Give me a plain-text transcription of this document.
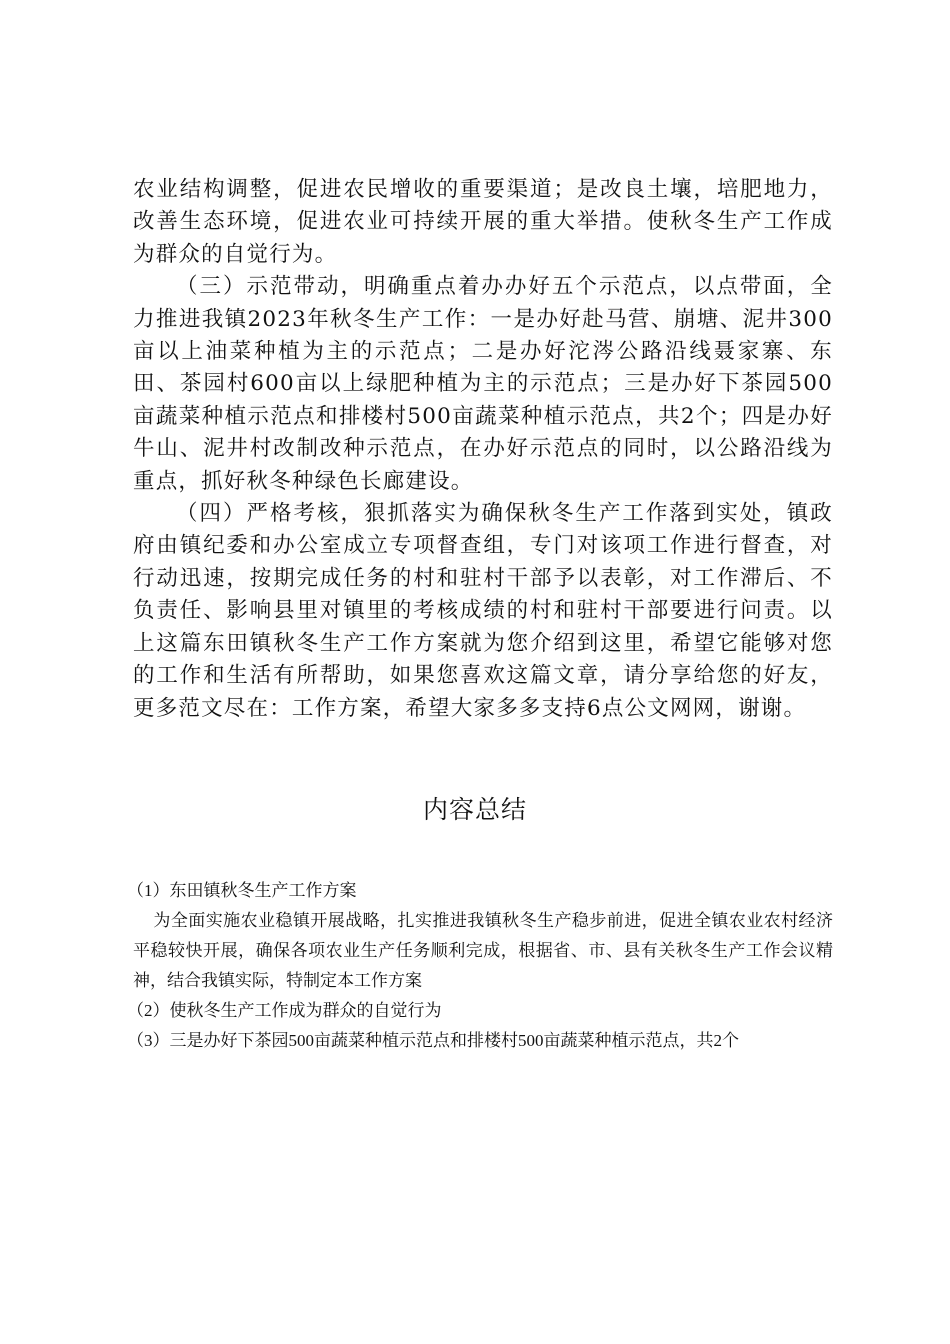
农业结构调整，促进农民增收的重要渠道；是改良土壤，培肥地力，改善生态环境，促进农业可持续开展的重大举措。使秋冬生产工作成为群众的自觉行为。

（三）示范带动，明确重点着办办好五个示范点，以点带面，全力推进我镇2023年秋冬生产工作：一是办好赴马营、崩塘、泥井300亩以上油菜种植为主的示范点；二是办好沱涔公路沿线聂家寨、东田、茶园村600亩以上绿肥种植为主的示范点；三是办好下茶园500亩蔬菜种植示范点和排楼村500亩蔬菜种植示范点，共2个；四是办好牛山、泥井村改制改种示范点，在办好示范点的同时，以公路沿线为重点，抓好秋冬种绿色长廊建设。

（四）严格考核，狠抓落实为确保秋冬生产工作落到实处，镇政府由镇纪委和办公室成立专项督查组，专门对该项工作进行督查，对行动迅速，按期完成任务的村和驻村干部予以表彰，对工作滞后、不负责任、影响县里对镇里的考核成绩的村和驻村干部要进行问责。以上这篇东田镇秋冬生产工作方案就为您介绍到这里，希望它能够对您的工作和生活有所帮助，如果您喜欢这篇文章，请分享给您的好友，更多范文尽在：工作方案，希望大家多多支持6点公文网网，谢谢。

内容总结

（1）东田镇秋冬生产工作方案

为全面实施农业稳镇开展战略，扎实推进我镇秋冬生产稳步前进，促进全镇农业农村经济平稳较快开展，确保各项农业生产任务顺利完成，根据省、市、县有关秋冬生产工作会议精神，结合我镇实际，特制定本工作方案

（2）使秋冬生产工作成为群众的自觉行为

（3）三是办好下茶园500亩蔬菜种植示范点和排楼村500亩蔬菜种植示范点，共2个
